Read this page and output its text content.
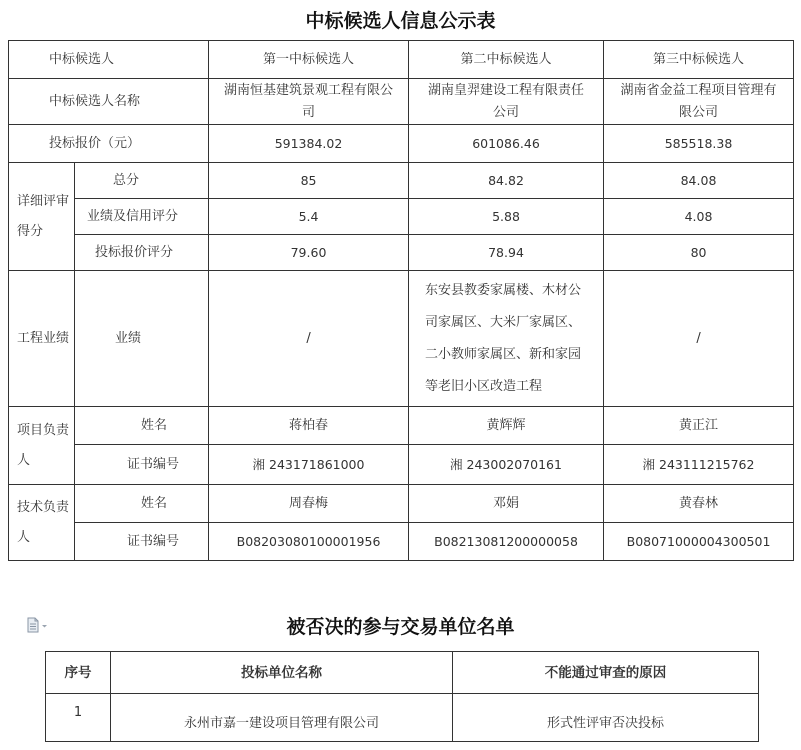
中标候选人信息公示表
中标候选人		第一中标候选人	第二中标候选人	第三中标候选人
中标候选人名称		湖南恒基建筑景观工程有限公司	湖南皇羿建设工程有限责任公司	湖南省金益工程项目管理有限公司
投标报价（元）		591384.02	601086.46	585518.38
详细评审得分	总分	85	84.82	84.08
	业绩及信用评分	5.4	5.88	4.08
	投标报价评分	79.60	78.94	80
工程业绩	业绩	/	东安县教委家属楼、木材公司家属区、大米厂家属区、二小教师家属区、新和家园等老旧小区改造工程	/
项目负责人	姓名	蒋柏春	黄辉辉	黄正江
	证书编号	湘 243171861000	湘 243002070161	湘 243111215762
技术负责人	姓名	周春梅	邓娟	黄春林
	证书编号	B08203080100001956	B08213081200000058	B08071000004300501
被否决的参与交易单位名单
序号	投标单位名称	不能通过审查的原因
1	永州市嘉一建设项目管理有限公司	形式性评审否决投标
